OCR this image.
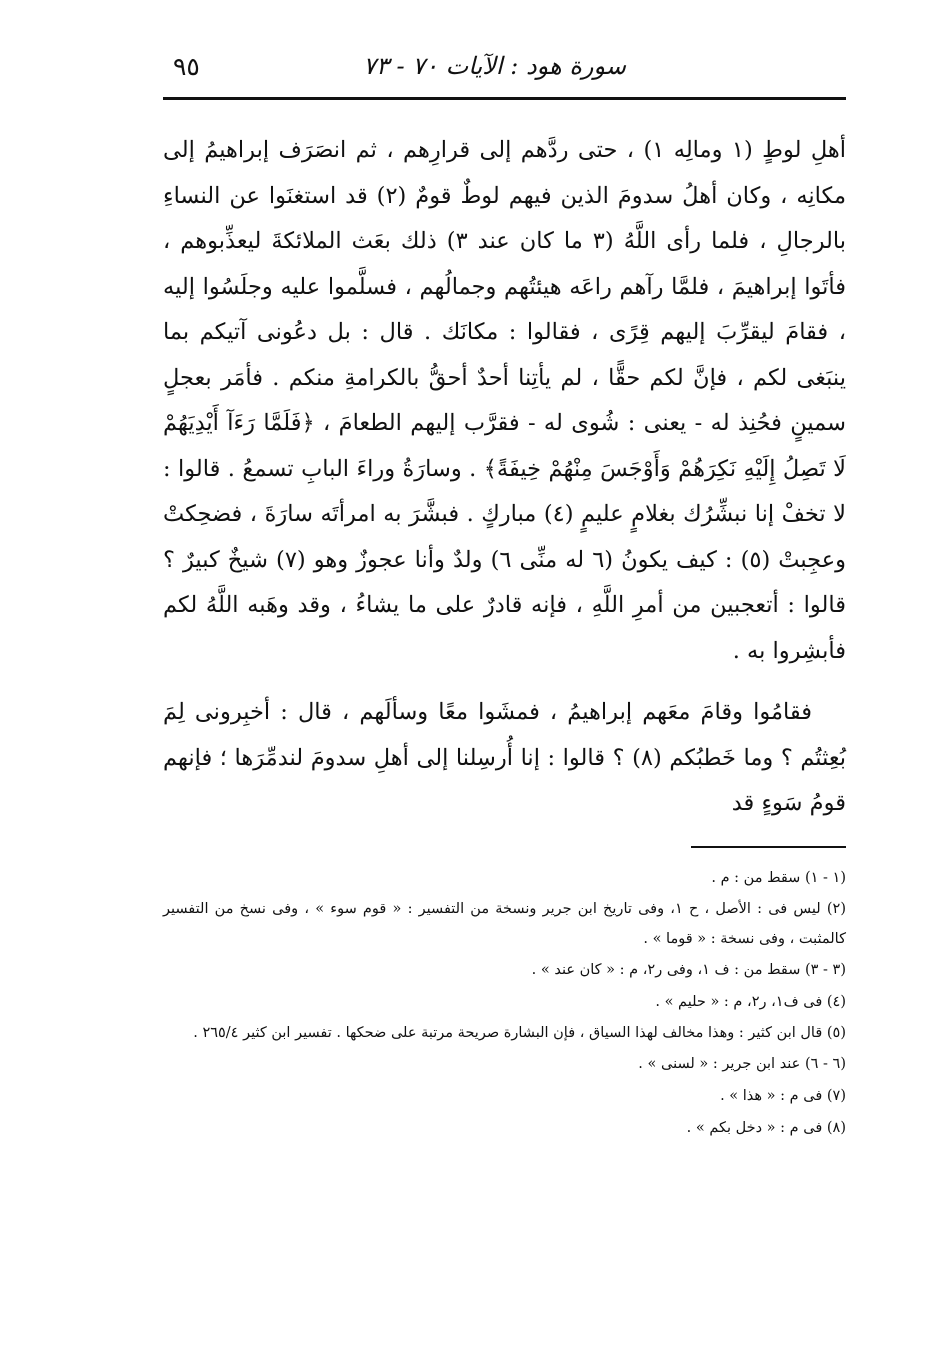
سورة هود : الآيات ٧٠ - ٧٣
٩٥

أهلِ لوطٍ (١ ومالِه ١) ، حتى ردَّهم إلى قرارِهم ، ثم انصَرَف إبراهيمُ إلى مكانِه ، وكان أهلُ سدومَ الذين فيهم لوطٌ قومٌ (٢) قد استغنَوا عن النساءِ بالرجالِ ، فلما رأى اللَّهُ (٣ ما كان عند ٣) ذلك بعَث الملائكةَ ليعذِّبوهم ، فأتَوا إبراهيمَ ، فلمَّا رآهم راعَه هيئتُهم وجمالُهم ، فسلَّموا عليه وجلَسُوا إليه ، فقامَ ليقرِّبَ إليهم قِرًى ، فقالوا : مكانَك . قال : بل دعُونى آتيكم بما ينبَغى لكم ، فإنَّ لكم حقًّا ، لم يأتِنا أحدٌ أحقُّ بالكرامةِ منكم . فأمَر بعجلٍ سمينٍ فحُنِذ له - يعنى : شُوى له - فقرَّب إليهم الطعامَ ، ﴿فَلَمَّا رَءَآ أَيْدِيَهُمْ لَا تَصِلُ إِلَيْهِ نَكِرَهُمْ وَأَوْجَسَ مِنْهُمْ خِيفَةً﴾ . وسارَةُ وراءَ البابِ تسمعُ . قالوا : لا تخفْ إنا نبشِّرُك بغلامٍ عليمٍ (٤) مباركٍ . فبشَّرَ به امرأتَه سارَةَ ، فضحِكتْ وعجِبتْ (٥) : كيف يكونُ (٦ له منِّى ٦) ولدٌ وأنا عجوزٌ وهو (٧) شيخٌ كبيرٌ ؟ قالوا : أتعجبين من أمرِ اللَّهِ ، فإنه قادرٌ على ما يشاءُ ، وقد وهَبه اللَّهُ لكم فأبشِروا به .

فقامُوا وقامَ معَهم إبراهيمُ ، فمشَوا معًا وسألَهم ، قال : أخبِرونى لِمَ بُعِثتُم ؟ وما خَطبُكم (٨) ؟ قالوا : إنا أُرسِلنا إلى أهلِ سدومَ لندمِّرَها ؛ فإنهم قومُ سَوءٍ قد

(١ - ١) سقط من : م .

(٢) ليس فى : الأصل ، ح ١، وفى تاريخ ابن جرير ونسخة من التفسير : « قوم سوء » ، وفى نسخ من التفسير كالمثبت ، وفى نسخة : « قوما » .

(٣ - ٣) سقط من : ف ١، وفى ر٢، م : « كان عند » .

(٤) فى ف١، ر٢، م : « حليم » .

(٥) قال ابن كثير : وهذا مخالف لهذا السياق ، فإن البشارة صريحة مرتبة على ضحكها . تفسير ابن كثير ٢٦٥/٤ .

(٦ - ٦) عند ابن جرير : « لسنى » .

(٧) فى م : « هذا » .

(٨) فى م : « دخل بكم » .
